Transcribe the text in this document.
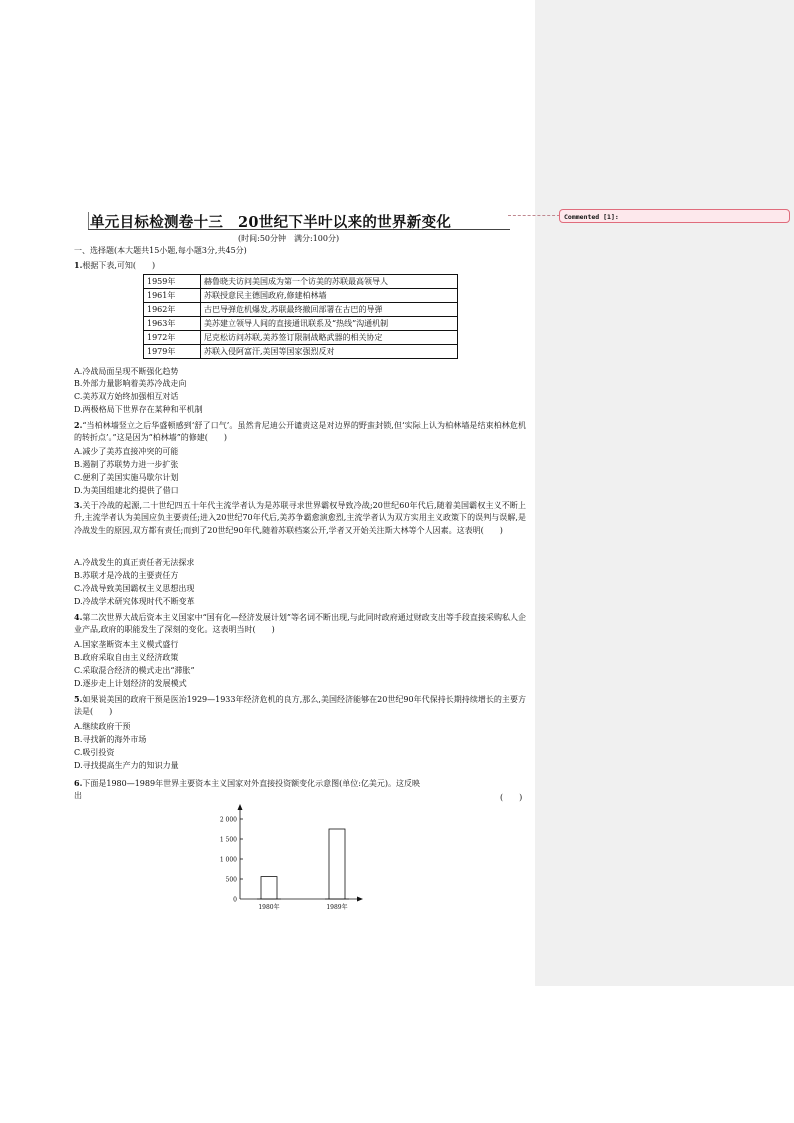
Commented [1]:
单元目标检测卷十三　20世纪下半叶以来的世界新变化
(时间:50分钟　满分:100分)
一、选择题(本大题共15小题,每小题3分,共45分)
1.根据下表,可知(　　)
1959年	赫鲁晓夫访问美国成为第一个访美的苏联最高领导人
1961年	苏联授意民主德国政府,修建柏林墙
1962年	古巴导弹危机爆发,苏联最终撤回部署在古巴的导弹
1963年	美苏建立领导人间的直接通讯联系及“热线”沟通机制
1972年	尼克松访问苏联,美苏签订限制战略武器的相关协定
1979年	苏联入侵阿富汗,美国等国家强烈反对
A.冷战局面呈现不断强化趋势
B.外部力量影响着美苏冷战走向
C.美苏双方始终加强相互对话
D.两极格局下世界存在某种和平机制
2.“当柏林墙竖立之后华盛顿感到‘舒了口气’。虽然肯尼迪公开谴责这是对边界的野蛮封锁,但‘实际上认为柏林墙是结束柏林危机的转折点’。”这是因为“柏林墙”的修建(　　)
A.减少了美苏直接冲突的可能
B.遏制了苏联势力进一步扩张
C.便利了美国实施马歇尔计划
D.为美国组建北约提供了借口
3.关于冷战的起源,二十世纪四五十年代主流学者认为是苏联寻求世界霸权导致冷战;20世纪60年代后,随着美国霸权主义不断上升,主流学者认为美国应负主要责任;进入20世纪70年代后,美苏争霸愈演愈烈,主流学者认为双方实用主义政策下的误判与误解,是冷战发生的原因,双方都有责任;而到了20世纪90年代,随着苏联档案公开,学者又开始关注斯大林等个人因素。这表明(　　)
A.冷战发生的真正责任者无法探求
B.苏联才是冷战的主要责任方
C.冷战导致美国霸权主义思想出现
D.冷战学术研究体现时代不断变革
4.第二次世界大战后资本主义国家中“国有化—经济发展计划”等名词不断出现,与此同时政府通过财政支出等手段直接采购私人企业产品,政府的职能发生了深刻的变化。这表明当时(　　)
A.国家垄断资本主义模式盛行
B.政府采取自由主义经济政策
C.采取混合经济的模式走出“滞胀”
D.逐步走上计划经济的发展模式
5.如果说美国的政府干预是医治1929—1933年经济危机的良方,那么,美国经济能够在20世纪90年代保持长期持续增长的主要方法是(　　)
A.继续政府干预
B.寻找新的海外市场
C.吸引投资
D.寻找提高生产力的知识力量
6.下面是1980—1989年世界主要资本主义国家对外直接投资额变化示意图(单位:亿美元)。这反映
出	(　　)
0
500
1 000
1 500
2 000
1980年	1989年
